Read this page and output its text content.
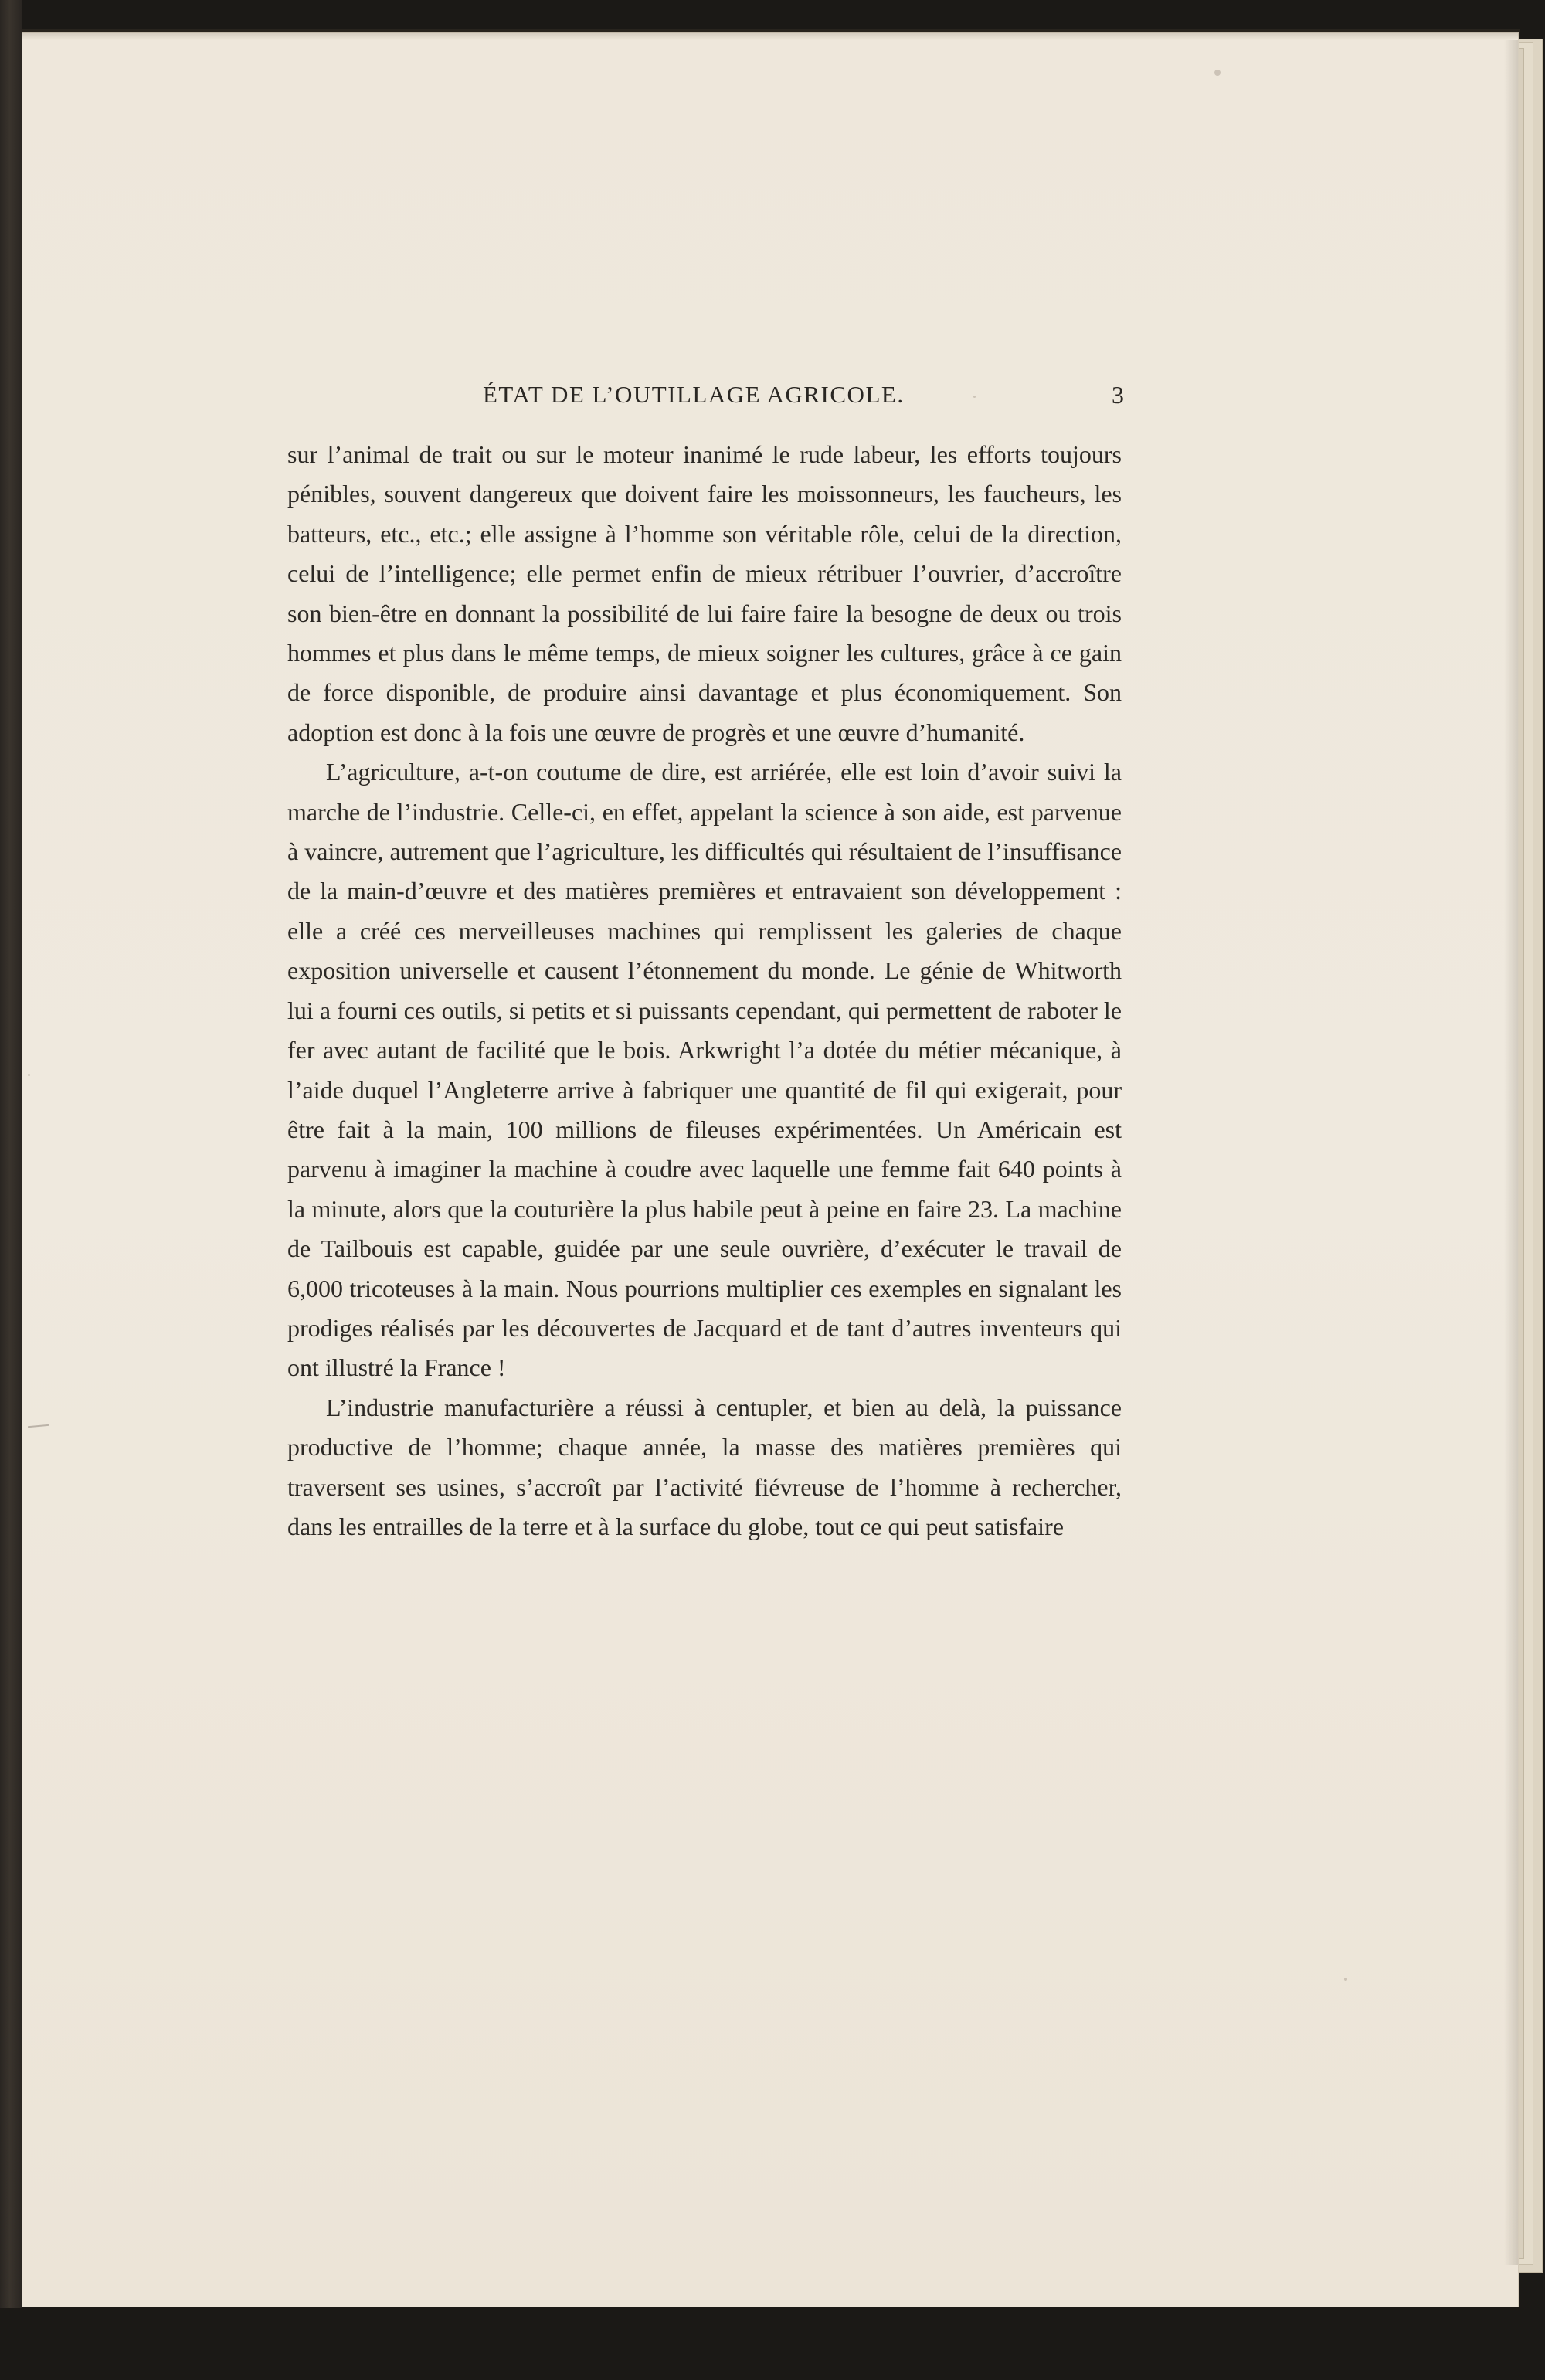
ÉTAT DE L’OUTILLAGE AGRICOLE.	3

sur l’animal de trait ou sur le moteur inanimé le rude labeur, les efforts toujours pénibles, souvent dangereux que doivent faire les moissonneurs, les faucheurs, les batteurs, etc., etc.; elle assigne à l’homme son véritable rôle, celui de la direction, celui de l’intelligence; elle permet enfin de mieux rétribuer l’ouvrier, d’accroître son bien-être en donnant la possibilité de lui faire faire la besogne de deux ou trois hommes et plus dans le même temps, de mieux soigner les cultures, grâce à ce gain de force disponible, de produire ainsi davantage et plus économiquement. Son adoption est donc à la fois une œuvre de progrès et une œuvre d’humanité.

L’agriculture, a-t-on coutume de dire, est arriérée, elle est loin d’avoir suivi la marche de l’industrie. Celle-ci, en effet, appelant la science à son aide, est parvenue à vaincre, autrement que l’agriculture, les difficultés qui résultaient de l’insuffisance de la main-d’œuvre et des matières premières et entravaient son développement : elle a créé ces merveilleuses machines qui remplissent les galeries de chaque exposition universelle et causent l’étonnement du monde. Le génie de Whitworth lui a fourni ces outils, si petits et si puissants cependant, qui permettent de raboter le fer avec autant de facilité que le bois. Arkwright l’a dotée du métier mécanique, à l’aide duquel l’Angleterre arrive à fabriquer une quantité de fil qui exigerait, pour être fait à la main, 100 millions de fileuses expérimentées. Un Américain est parvenu à imaginer la machine à coudre avec laquelle une femme fait 640 points à la minute, alors que la couturière la plus habile peut à peine en faire 23. La machine de Tailbouis est capable, guidée par une seule ouvrière, d’exécuter le travail de 6,000 tricoteuses à la main. Nous pourrions multiplier ces exemples en signalant les prodiges réalisés par les découvertes de Jacquard et de tant d’autres inventeurs qui ont illustré la France !

L’industrie manufacturière a réussi à centupler, et bien au delà, la puissance productive de l’homme; chaque année, la masse des matières premières qui traversent ses usines, s’accroît par l’activité fiévreuse de l’homme à rechercher, dans les entrailles de la terre et à la surface du globe, tout ce qui peut satisfaire
